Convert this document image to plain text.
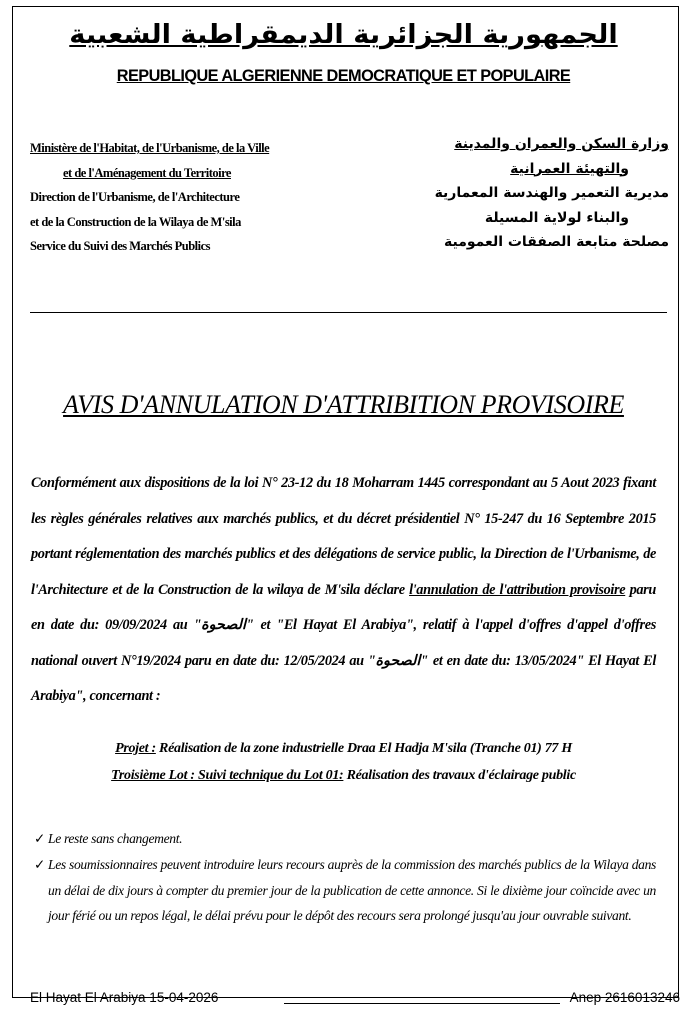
الجمهورية الجزائرية الديمقراطية الشعبية
REPUBLIQUE ALGERIENNE DEMOCRATIQUE ET POPULAIRE
Ministère de l'Habitat, de l'Urbanisme, de la Ville
et de l'Aménagement du Territoire
Direction de l'Urbanisme, de l'Architecture
et de la Construction de la Wilaya de M'sila
Service du Suivi des Marchés Publics
وزارة السكن والعمران والمدينة
والتهيئة العمرانية
مديرية التعمير والهندسة المعمارية
والبناء لولاية المسيلة
مصلحة متابعة الصفقات العمومية
AVIS D'ANNULATION D'ATTRIBITION PROVISOIRE
Conformément aux dispositions de la loi N° 23-12 du 18 Moharram 1445 correspondant au 5 Aout 2023 fixant les règles générales relatives aux marchés publics, et du décret présidentiel N° 15-247 du 16 Septembre 2015 portant réglementation des marchés publics et des délégations de service public, la Direction de l'Urbanisme, de l'Architecture et de la Construction de la wilaya de M'sila déclare l'annulation de l'attribution provisoire paru en date du: 09/09/2024 au "الصحوة" et "El Hayat El Arabiya", relatif à l'appel d'offres d'appel d'offres national ouvert N°19/2024 paru en date du: 12/05/2024 au "الصحوة" et en date du: 13/05/2024" El Hayat El Arabiya", concernant :
Projet : Réalisation de la zone industrielle Draa El Hadja M'sila (Tranche 01) 77 H
Troisième Lot : Suivi technique du Lot 01: Réalisation des travaux d'éclairage public
✓ Le reste sans changement.
✓ Les soumissionnaires peuvent introduire leurs recours auprès de la commission des marchés publics de la Wilaya dans un délai de dix jours à compter du premier jour de la publication de cette annonce. Si le dixième jour coïncide avec un jour férié ou un repos légal, le délai prévu pour le dépôt des recours sera prolongé jusqu'au jour ouvrable suivant.
El Hayat El Arabiya 15-04-2026	Anep 2616013246
